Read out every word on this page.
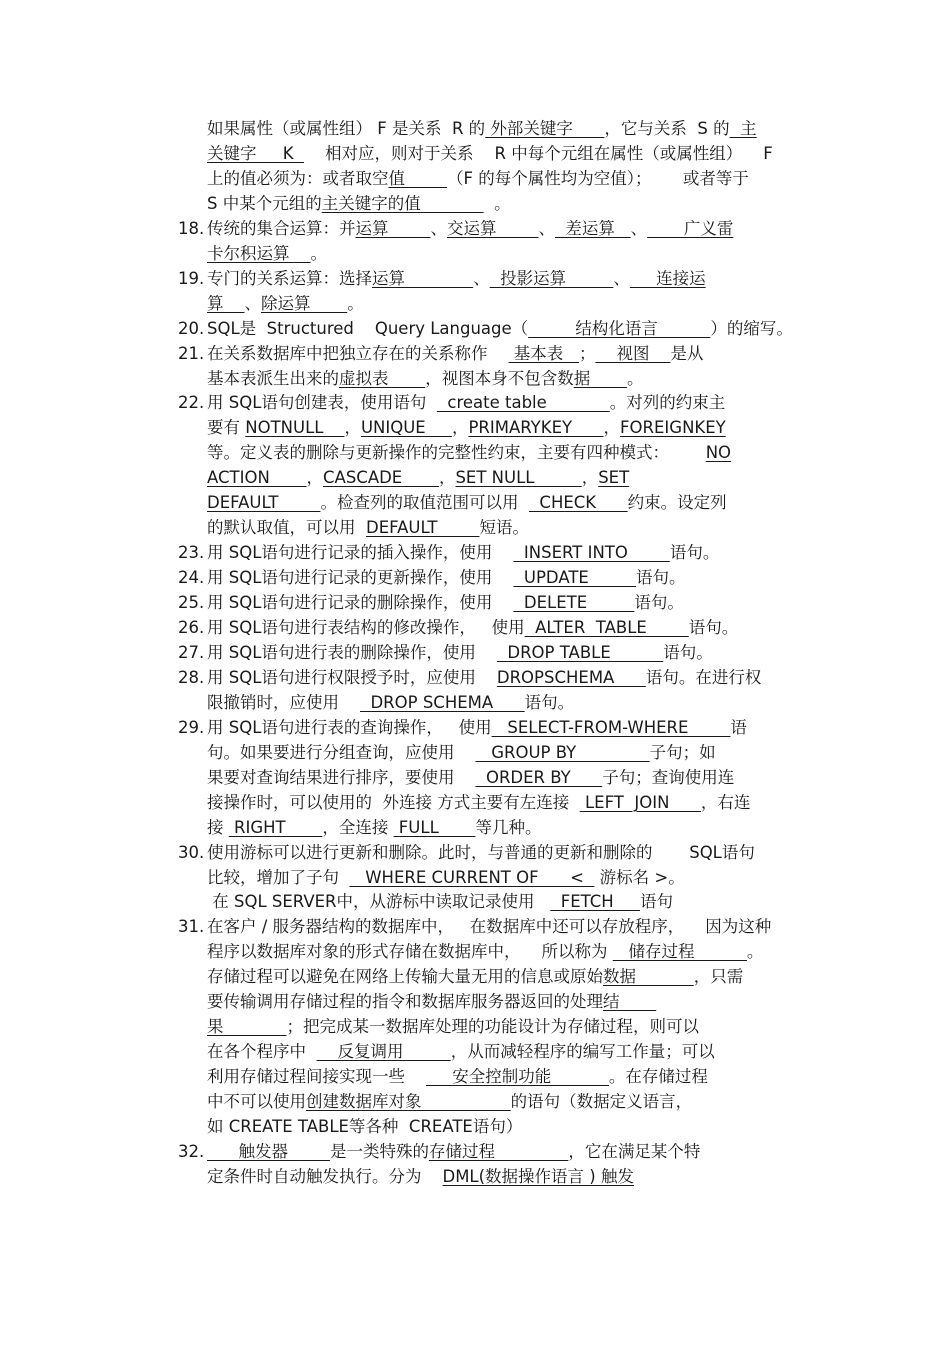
如果属性（或属性组） F 是关系  R 的 外部关键字      ，它与关系  S 的  主
关键字     K      相对应，则对于关系    R 中每个元组在属性（或属性组）    F
上的值必须为：或者取空值        （F 的每个属性均为空值）；      或者等于
S 中某个元组的主关键字的值              。
18. 传统的集合运算：并运算        、交运算        、  差运算   、       广义雷
卡尔积运算    。
19. 专门的关系运算：选择运算             、  投影运算         、     连接运
算    、除运算       。
20. SQL是  Structured    Query Language（         结构化语言          ）的缩写。
21. 在关系数据库中把独立存在的关系称作     基本表   ；    视图    是从
基本表派生出来的虚拟表       ，视图本身不包含数据       。
22. 用 SQL语句创建表，使用语句    create table            。对列的约束主
要有 NOTNULL    ，UNIQUE     ，PRIMARYKEY      ，FOREIGNKEY
等。定义表的删除与更新操作的完整性约束，主要有四种模式：       NO
ACTION       ，CASCADE       ，SET NULL         ，SET
DEFAULT        。检查列的取值范围可以用    CHECK      约束。设定列
的默认取值，可以用  DEFAULT        短语。
23. 用 SQL语句进行记录的插入操作，使用      INSERT INTO        语句。
24. 用 SQL语句进行记录的更新操作，使用      UPDATE         语句。
25. 用 SQL语句进行记录的删除操作，使用      DELETE         语句。
26. 用 SQL语句进行表结构的修改操作，   使用  ALTER  TABLE        语句。
27. 用 SQL语句进行表的删除操作，使用      DROP TABLE          语句。
28. 用 SQL语句进行权限授予时，应使用    DROPSCHEMA      语句。在进行权
限撤销时，应使用      DROP SCHEMA      语句。
29. 用 SQL语句进行表的查询操作，   使用   SELECT-FROM-WHERE        语
句。如果要进行分组查询，应使用       GROUP BY              子句；如
果要对查询结果进行排序，要使用      ORDER BY      子句；查询使用连
接操作时，可以使用的  外连接 方式主要有左连接   LEFT  JOIN      ，右连
接  RIGHT       ，全连接  FULL       等几种。
30. 使用游标可以进行更新和删除。此时，与普通的更新和删除的       SQL语句
比较，增加了子句     WHERE CURRENT OF      <   游标名 >。
在 SQL SERVER中，从游标中读取记录使用     FETCH     语句
31. 在客户 / 服务器结构的数据库中，   在数据库中还可以存放程序，    因为这种
程序以数据库对象的形式存储在数据库中，    所以称为    储存过程          。
存储过程可以避免在网络上传输大量无用的信息或原始数据           ，只需
要传输调用存储过程的指令和数据库服务器返回的处理结
果            ；把完成某一数据库处理的功能设计为存储过程，则可以
在各个程序中      反复调用         ，从而减轻程序的编写工作量；可以
利用存储过程间接实现一些         安全控制功能           。在存储过程
中不可以使用创建数据库对象                 的语句（数据定义语言，
如 CREATE TABLE等各种  CREATE语句）
32. 触发器        是一类特殊的存储过程              ，它在满足某个特
定条件时自动触发执行。分为    DML(数据操作语言 ) 触发
